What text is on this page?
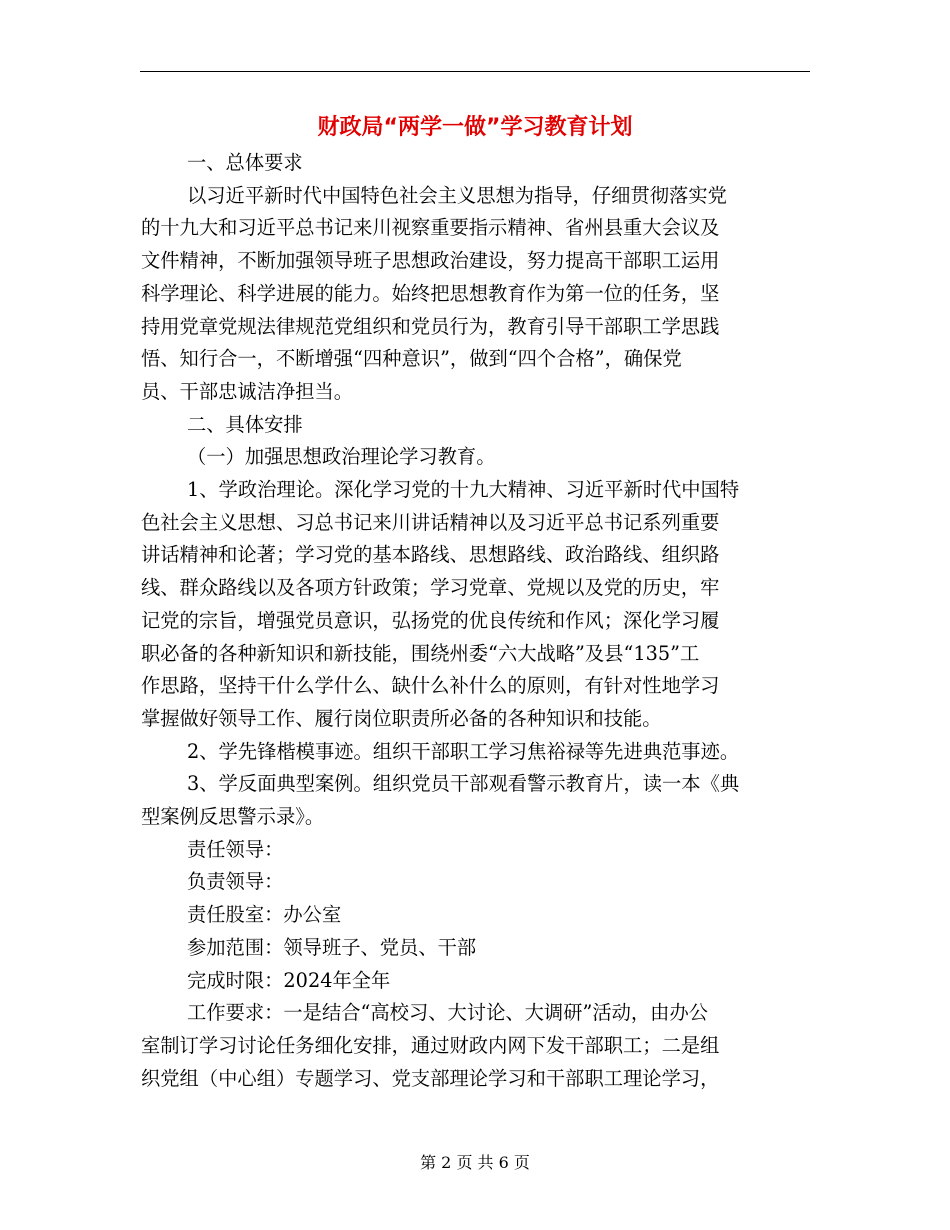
财政局“两学一做”学习教育计划

一、总体要求

以习近平新时代中国特色社会主义思想为指导，仔细贯彻落实党

的十九大和习近平总书记来川视察重要指示精神、省州县重大会议及

文件精神，不断加强领导班子思想政治建设，努力提高干部职工运用

科学理论、科学进展的能力。始终把思想教育作为第一位的任务，坚

持用党章党规法律规范党组织和党员行为，教育引导干部职工学思践

悟、知行合一，不断增强“四种意识”，做到“四个合格”，确保党

员、干部忠诚洁净担当。

二、具体安排

（一）加强思想政治理论学习教育。

1、学政治理论。深化学习党的十九大精神、习近平新时代中国特

色社会主义思想、习总书记来川讲话精神以及习近平总书记系列重要

讲话精神和论著；学习党的基本路线、思想路线、政治路线、组织路

线、群众路线以及各项方针政策；学习党章、党规以及党的历史，牢

记党的宗旨，增强党员意识，弘扬党的优良传统和作风；深化学习履

职必备的各种新知识和新技能，围绕州委“六大战略”及县“135”工

作思路，坚持干什么学什么、缺什么补什么的原则，有针对性地学习

掌握做好领导工作、履行岗位职责所必备的各种知识和技能。

2、学先锋楷模事迹。组织干部职工学习焦裕禄等先进典范事迹。

3、学反面典型案例。组织党员干部观看警示教育片，读一本《典

型案例反思警示录》。

责任领导：

负责领导：

责任股室：办公室

参加范围：领导班子、党员、干部

完成时限：2024年全年

工作要求：一是结合“高校习、大讨论、大调研”活动，由办公

室制订学习讨论任务细化安排，通过财政内网下发干部职工；二是组

织党组（中心组）专题学习、党支部理论学习和干部职工理论学习，

第 2 页 共 6 页
